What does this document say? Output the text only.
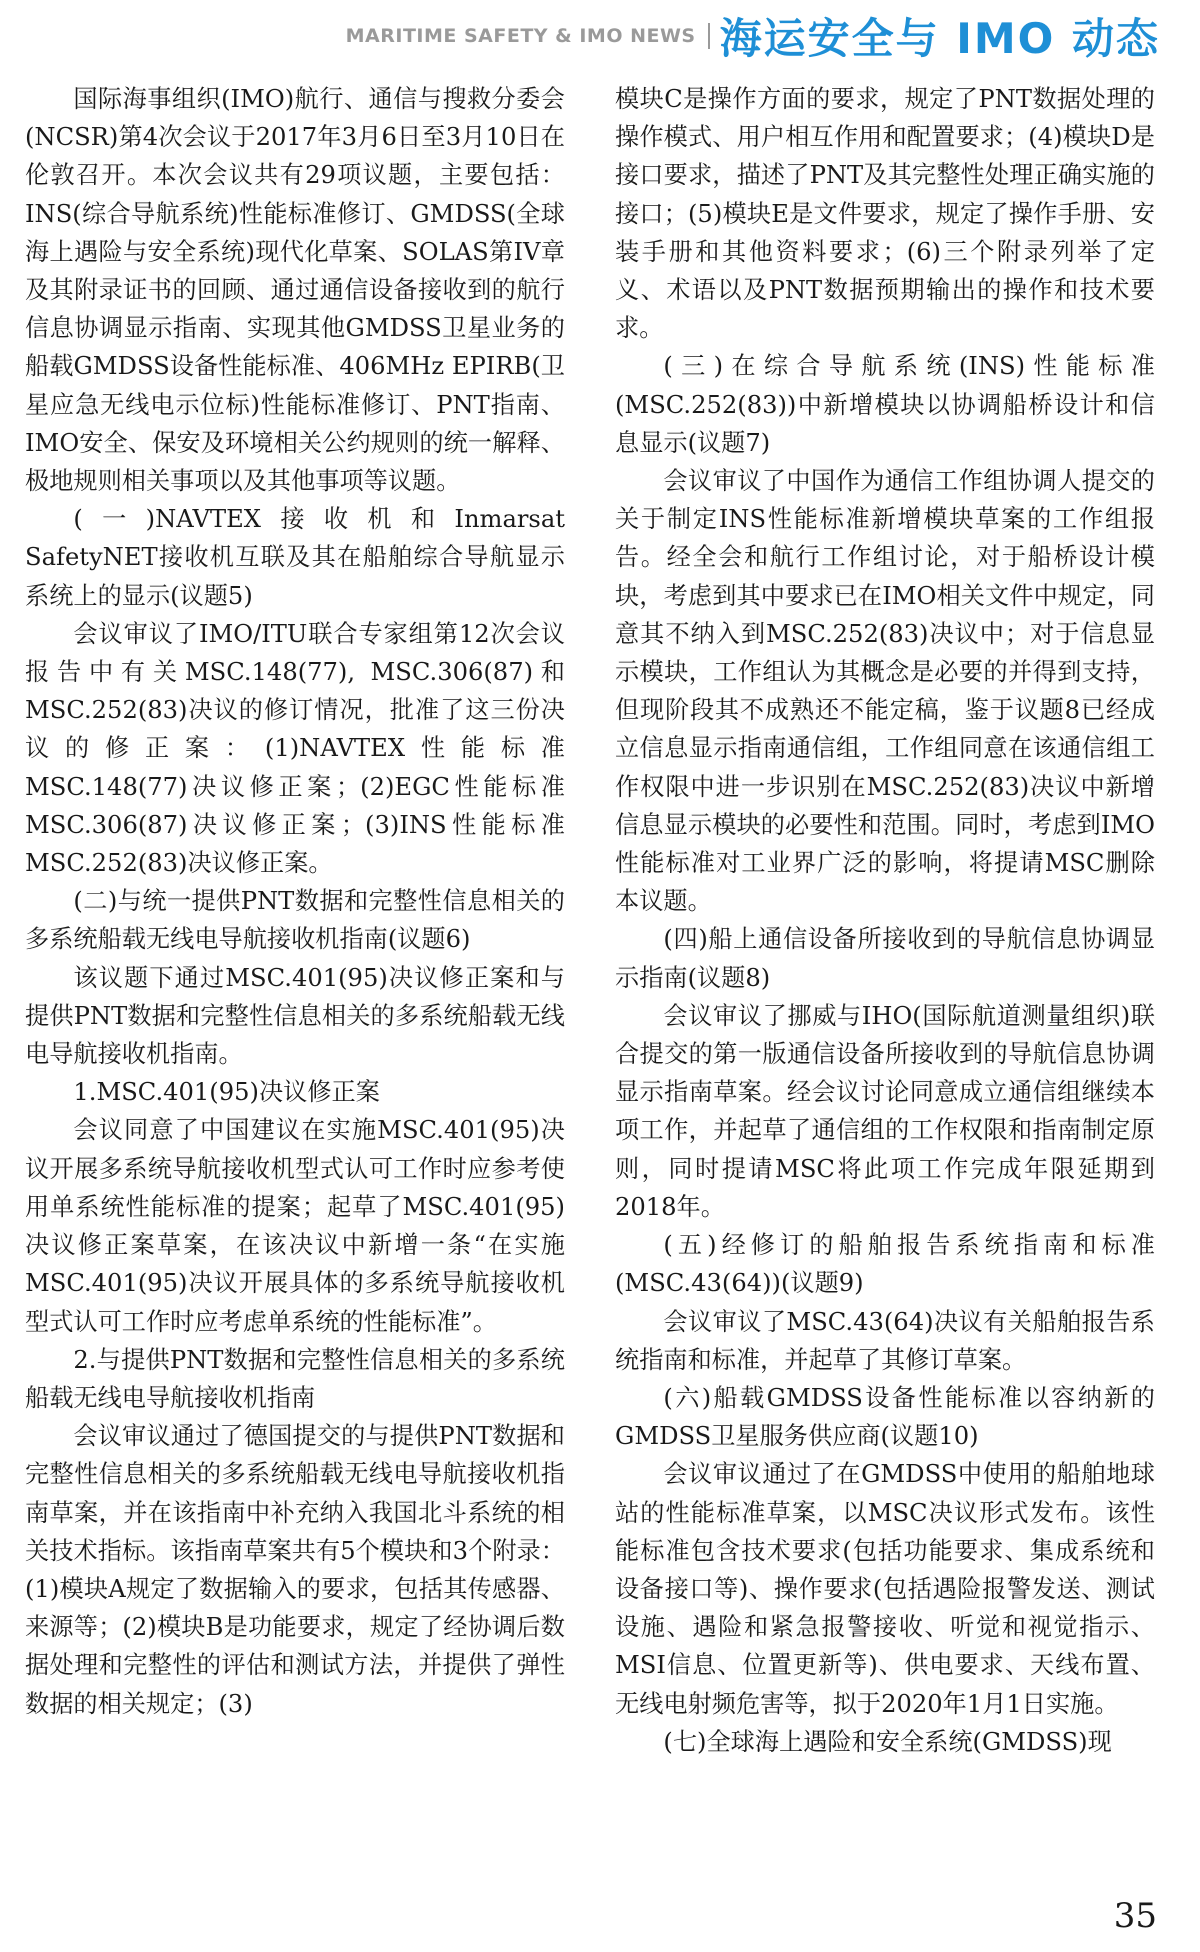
MARITIME SAFETY & IMO NEWS 海运安全与 IMO 动态

国际海事组织(IMO)航行、通信与搜救分委会(NCSR)第4次会议于2017年3月6日至3月10日在伦敦召开。本次会议共有29项议题，主要包括：INS(综合导航系统)性能标准修订、GMDSS(全球海上遇险与安全系统)现代化草案、SOLAS第IV章及其附录证书的回顾、通过通信设备接收到的航行信息协调显示指南、实现其他GMDSS卫星业务的船载GMDSS设备性能标准、406MHz EPIRB(卫星应急无线电示位标)性能标准修订、PNT指南、IMO安全、保安及环境相关公约规则的统一解释、极地规则相关事项以及其他事项等议题。

(一)NAVTEX接收机和Inmarsat SafetyNET接收机互联及其在船舶综合导航显示系统上的显示(议题5)

会议审议了IMO/ITU联合专家组第12次会议报告中有关MSC.148(77), MSC.306(87)和MSC.252(83)决议的修订情况，批准了这三份决议的修正案：(1)NAVTEX性能标准MSC.148(77)决议修正案；(2)EGC性能标准MSC.306(87)决议修正案；(3)INS性能标准MSC.252(83)决议修正案。

(二)与统一提供PNT数据和完整性信息相关的多系统船载无线电导航接收机指南(议题6)

该议题下通过MSC.401(95)决议修正案和与提供PNT数据和完整性信息相关的多系统船载无线电导航接收机指南。

1.MSC.401(95)决议修正案

会议同意了中国建议在实施MSC.401(95)决议开展多系统导航接收机型式认可工作时应参考使用单系统性能标准的提案；起草了MSC.401(95)决议修正案草案，在该决议中新增一条“在实施MSC.401(95)决议开展具体的多系统导航接收机型式认可工作时应考虑单系统的性能标准”。

2.与提供PNT数据和完整性信息相关的多系统船载无线电导航接收机指南

会议审议通过了德国提交的与提供PNT数据和完整性信息相关的多系统船载无线电导航接收机指南草案，并在该指南中补充纳入我国北斗系统的相关技术指标。该指南草案共有5个模块和3个附录：(1)模块A规定了数据输入的要求，包括其传感器、来源等；(2)模块B是功能要求，规定了经协调后数据处理和完整性的评估和测试方法，并提供了弹性数据的相关规定；(3)

模块C是操作方面的要求，规定了PNT数据处理的操作模式、用户相互作用和配置要求；(4)模块D是接口要求，描述了PNT及其完整性处理正确实施的接口；(5)模块E是文件要求，规定了操作手册、安装手册和其他资料要求；(6)三个附录列举了定义、术语以及PNT数据预期输出的操作和技术要求。

(三)在综合导航系统(INS)性能标准(MSC.252(83))中新增模块以协调船桥设计和信息显示(议题7)

会议审议了中国作为通信工作组协调人提交的关于制定INS性能标准新增模块草案的工作组报告。经全会和航行工作组讨论，对于船桥设计模块，考虑到其中要求已在IMO相关文件中规定，同意其不纳入到MSC.252(83)决议中；对于信息显示模块，工作组认为其概念是必要的并得到支持，但现阶段其不成熟还不能定稿，鉴于议题8已经成立信息显示指南通信组，工作组同意在该通信组工作权限中进一步识别在MSC.252(83)决议中新增信息显示模块的必要性和范围。同时，考虑到IMO性能标准对工业界广泛的影响，将提请MSC删除本议题。

(四)船上通信设备所接收到的导航信息协调显示指南(议题8)

会议审议了挪威与IHO(国际航道测量组织)联合提交的第一版通信设备所接收到的导航信息协调显示指南草案。经会议讨论同意成立通信组继续本项工作，并起草了通信组的工作权限和指南制定原则，同时提请MSC将此项工作完成年限延期到2018年。

(五)经修订的船舶报告系统指南和标准(MSC.43(64))(议题9)

会议审议了MSC.43(64)决议有关船舶报告系统指南和标准，并起草了其修订草案。

(六)船载GMDSS设备性能标准以容纳新的GMDSS卫星服务供应商(议题10)

会议审议通过了在GMDSS中使用的船舶地球站的性能标准草案，以MSC决议形式发布。该性能标准包含技术要求(包括功能要求、集成系统和设备接口等)、操作要求(包括遇险报警发送、测试设施、遇险和紧急报警接收、听觉和视觉指示、MSI信息、位置更新等)、供电要求、天线布置、无线电射频危害等，拟于2020年1月1日实施。

(七)全球海上遇险和安全系统(GMDSS)现

35
